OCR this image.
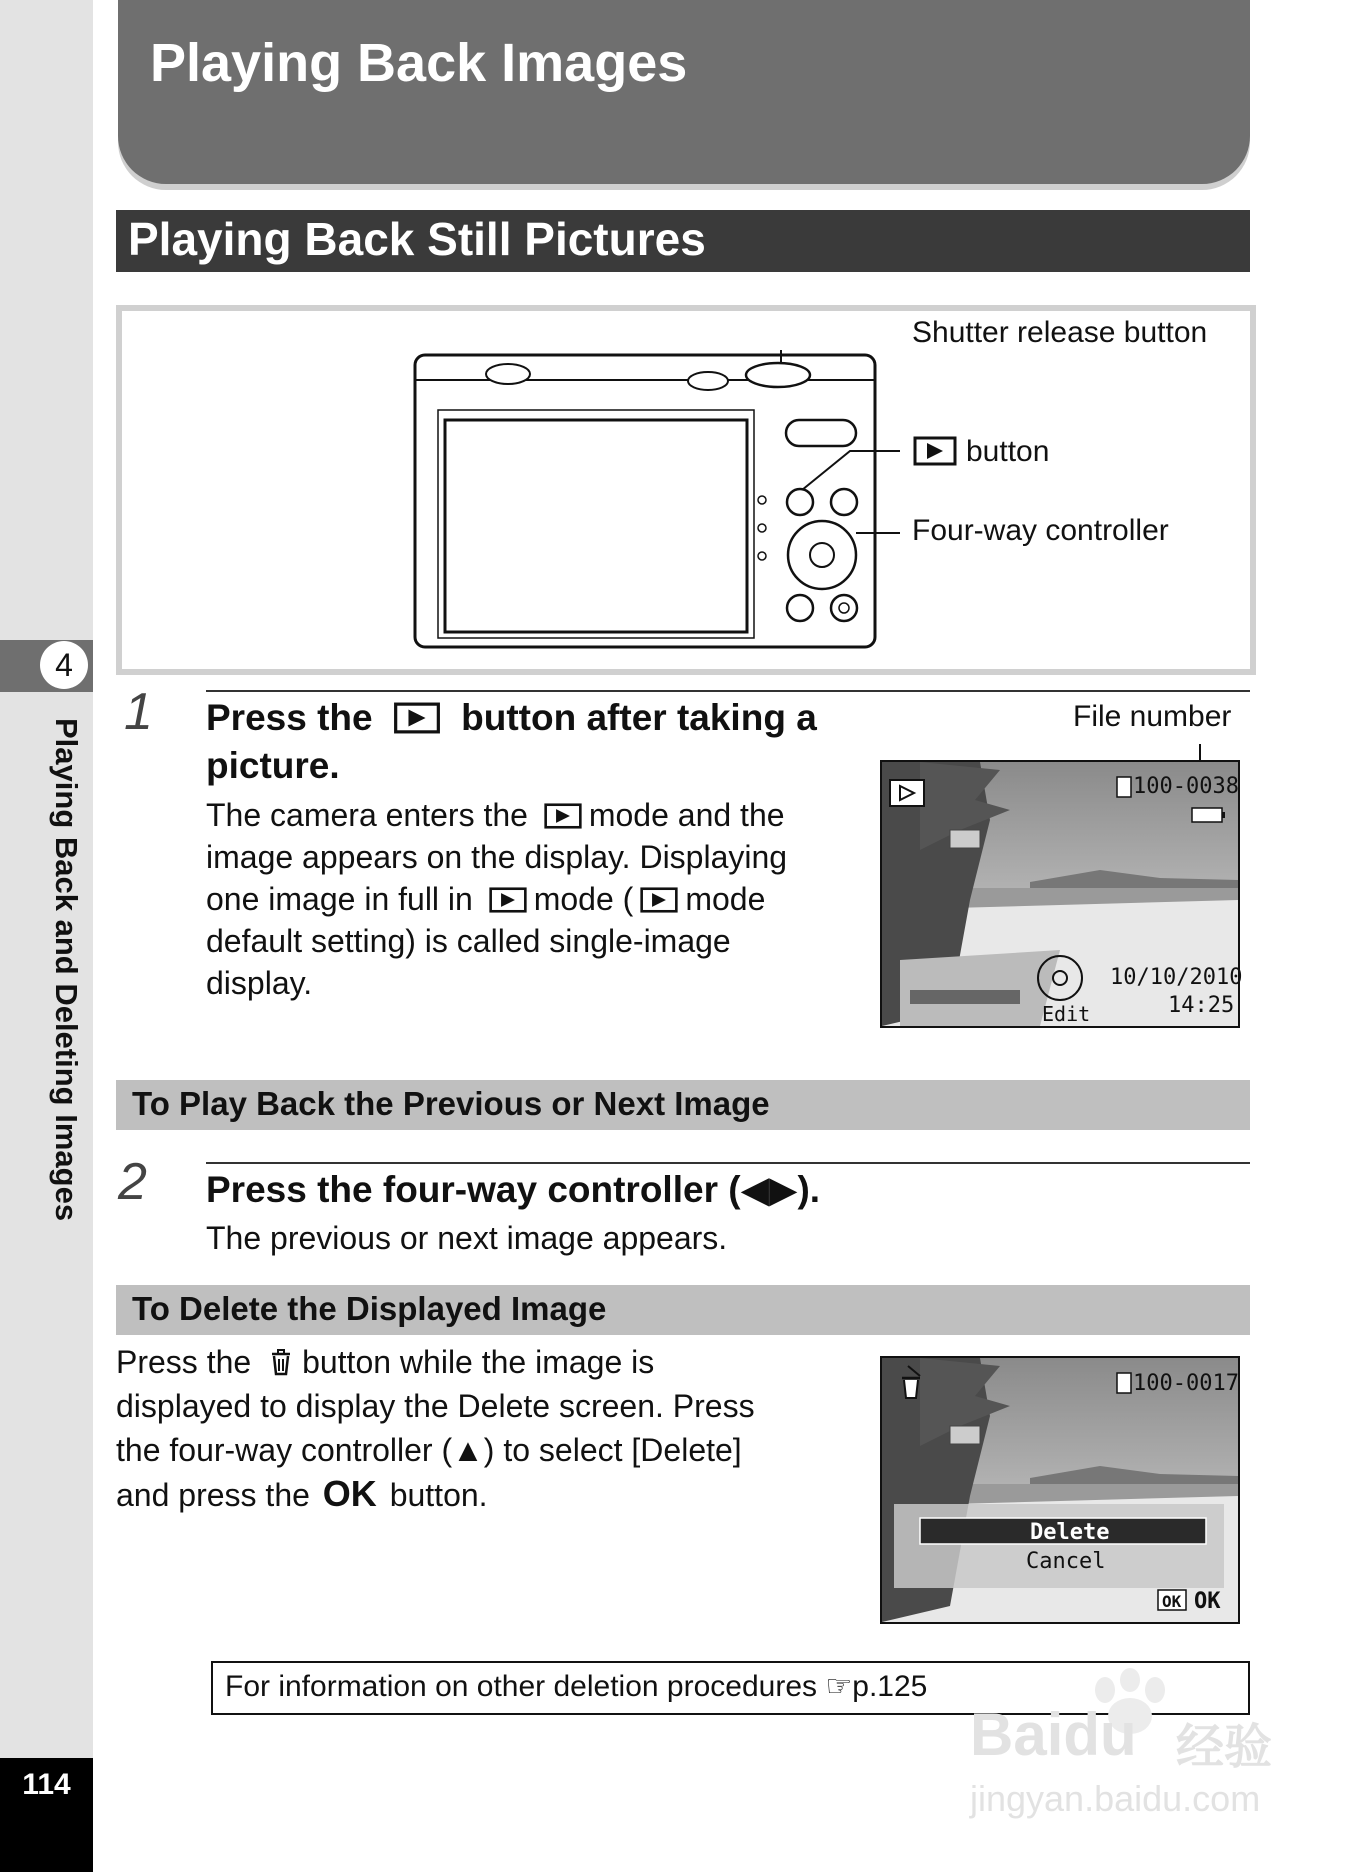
4
Playing Back and Deleting Images
114
Playing Back Images
Playing Back Still Pictures
Shutter release button
button
Four-way controller
1 Press the button after taking a
picture.
The camera enters the mode and the
image appears on the display. Displaying
one image in full in mode ( mode
default setting) is called single-image
display.
File number
100-0038
10/10/2010
14:25
Edit
To Play Back the Previous or Next Image
2 Press the four-way controller (◀▶).
The previous or next image appears.
To Delete the Displayed Image
Press the button while the image is
displayed to display the Delete screen. Press
the four-way controller (▲) to select [Delete]
and press the OK button.
100-0017
Delete
Cancel
OK OK
For information on other deletion procedures ☞p.125
Baidu 经验
jingyan.baidu.com
